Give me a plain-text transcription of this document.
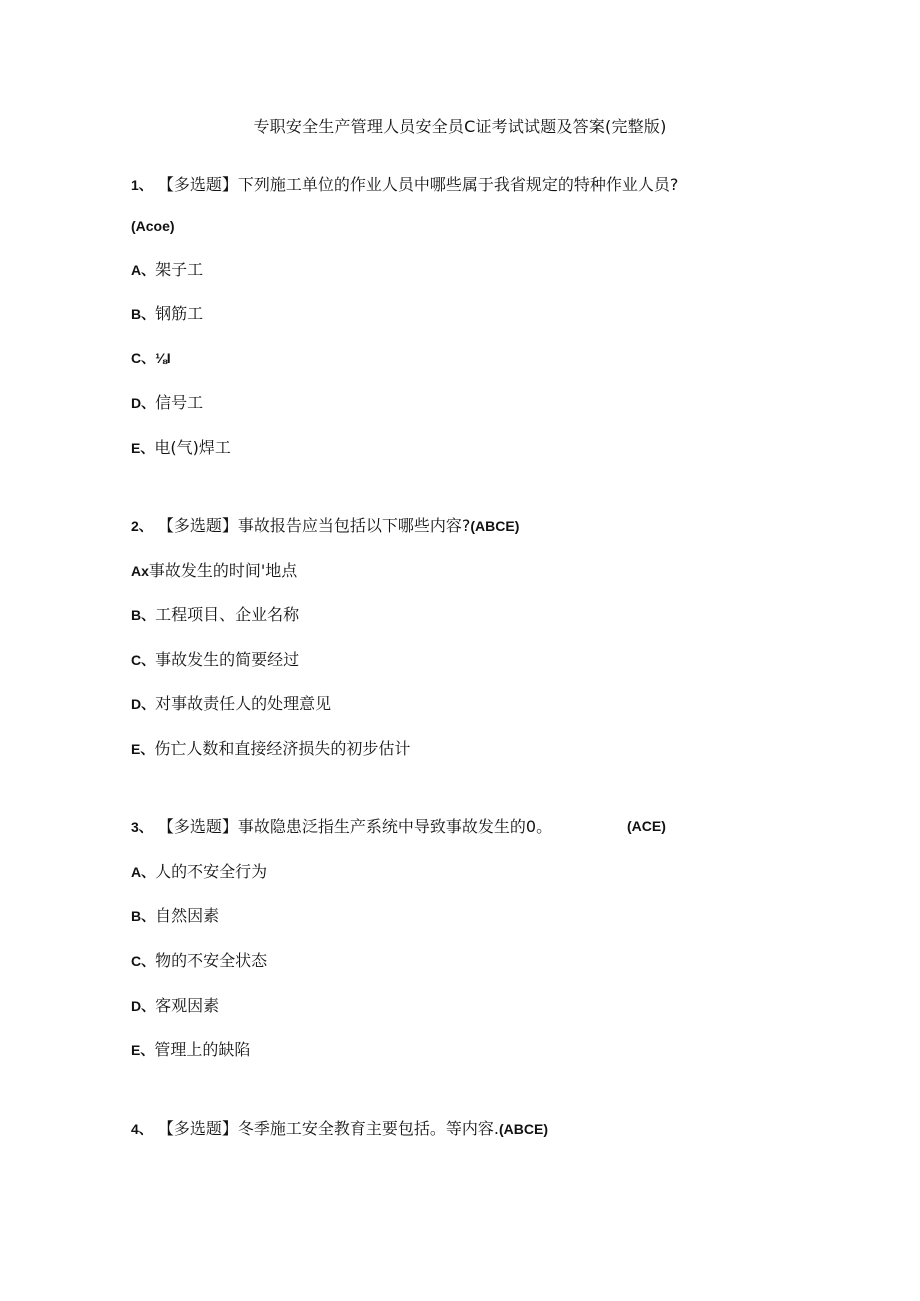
专职安全生产管理人员安全员C证考试试题及答案(完整版)
1、 【多选题】下列施工单位的作业人员中哪些属于我省规定的特种作业人员?
(Acoe)
A、架子工
B、钢筋工
C、⅛I
D、信号工
E、电(气)焊工
2、 【多选题】事故报告应当包括以下哪些内容?(ABCE)
Ax事故发生的时间'地点
B、工程项目、企业名称
C、事故发生的简要经过
D、对事故责任人的处理意见
E、伤亡人数和直接经济损失的初步估计
3、 【多选题】事故隐患泛指生产系统中导致事故发生的0。	(ACE)
A、人的不安全行为
B、自然因素
C、物的不安全状态
D、客观因素
E、管理上的缺陷
4、 【多选题】冬季施工安全教育主要包括。等内容.(ABCE)
